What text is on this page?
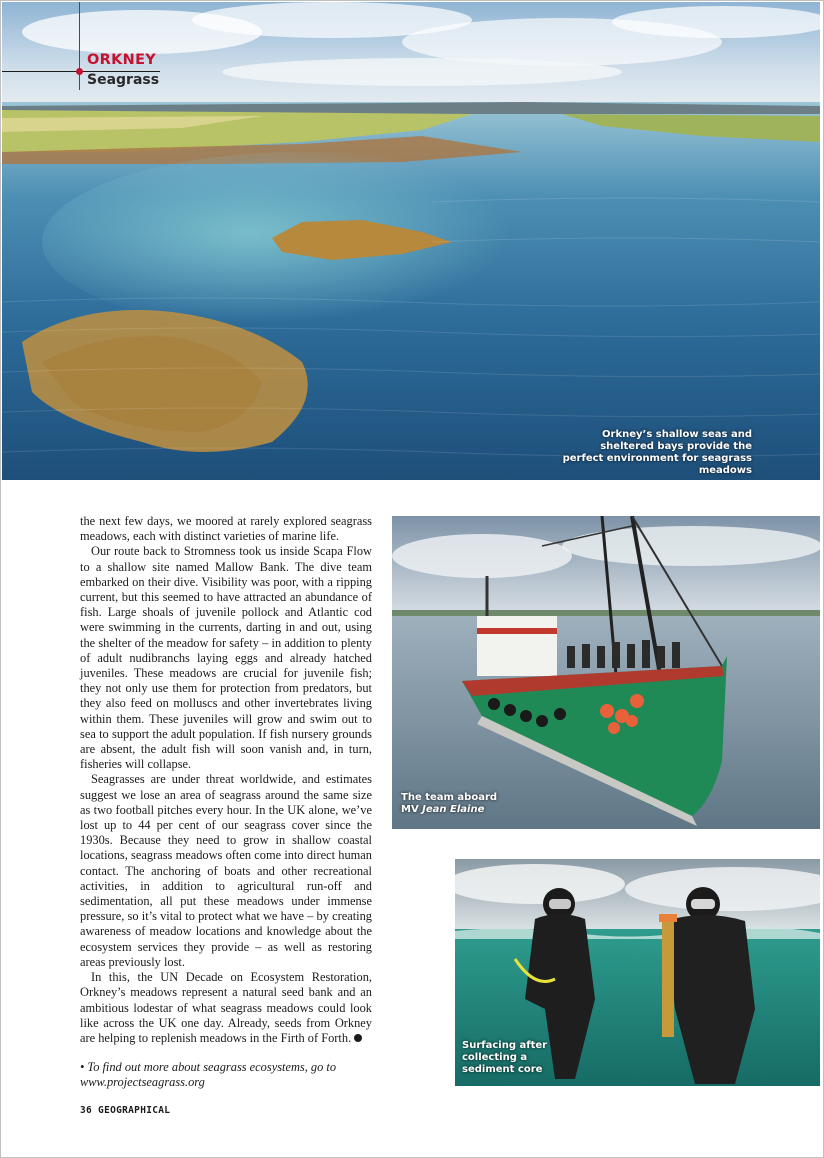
Orkney’s shallow seas and sheltered bays provide the perfect environment for seagrass meadows
ORKNEY
Seagrass

the next few days, we moored at rarely explored seagrass meadows, each with distinct varieties of marine life.

Our route back to Stromness took us inside Scapa Flow to a shallow site named Mallow Bank. The dive team embarked on their dive. Visibility was poor, with a ripping current, but this seemed to have attracted an abundance of fish. Large shoals of juvenile pollock and Atlantic cod were swimming in the currents, darting in and out, using the shelter of the meadow for safety – in addition to plenty of adult nudibranchs laying eggs and already hatched juveniles. These meadows are crucial for juvenile fish; they not only use them for protection from predators, but they also feed on molluscs and other invertebrates living within them. These juveniles will grow and swim out to sea to support the adult population. If fish nursery grounds are absent, the adult fish will soon vanish and, in turn, fisheries will collapse.

Seagrasses are under threat worldwide, and estimates suggest we lose an area of seagrass around the same size as two football pitches every hour. In the UK alone, we’ve lost up to 44 per cent of our seagrass cover since the 1930s. Because they need to grow in shallow coastal locations, seagrass meadows often come into direct human contact. The anchoring of boats and other recreational activities, in addition to agricultural run-off and sedimentation, all put these meadows under immense pressure, so it’s vital to protect what we have – by creating awareness of meadow locations and knowledge about the ecosystem services they provide – as well as restoring areas previously lost.

In this, the UN Decade on Ecosystem Restoration, Orkney’s meadows represent a natural seed bank and an ambitious lodestar of what seagrass meadows could look like across the UK one day. Already, seeds from Orkney are helping to replenish meadows in the Firth of Forth.

• To find out more about seagrass ecosystems, go to www.projectseagrass.org
The team aboard
MV Jean Elaine
Surfacing after collecting a sediment core
36 GEOGRAPHICAL
